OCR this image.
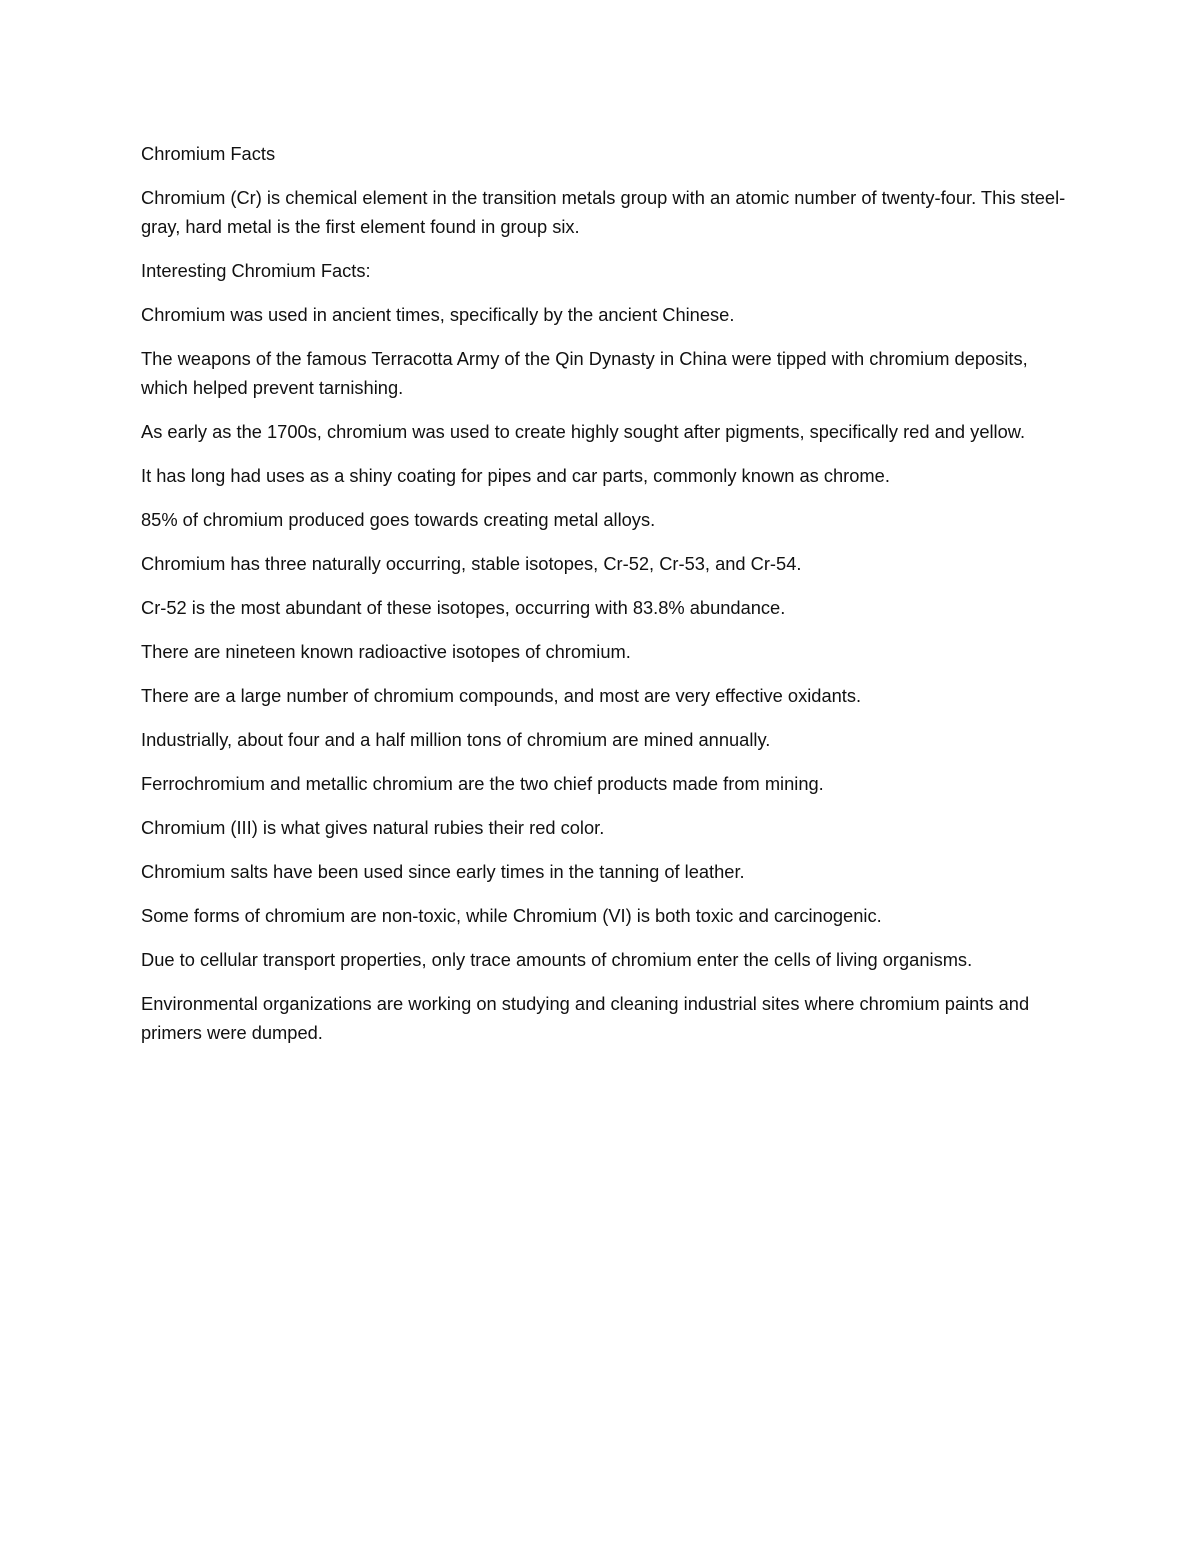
Chromium Facts

Chromium (Cr) is chemical element in the transition metals group with an atomic number of twenty-four. This steel-gray, hard metal is the first element found in group six.

Interesting Chromium Facts:

Chromium was used in ancient times, specifically by the ancient Chinese.

The weapons of the famous Terracotta Army of the Qin Dynasty in China were tipped with chromium deposits, which helped prevent tarnishing.

As early as the 1700s, chromium was used to create highly sought after pigments, specifically red and yellow.

It has long had uses as a shiny coating for pipes and car parts, commonly known as chrome.

85% of chromium produced goes towards creating metal alloys.

Chromium has three naturally occurring, stable isotopes, Cr-52, Cr-53, and Cr-54.

Cr-52 is the most abundant of these isotopes, occurring with 83.8% abundance.

There are nineteen known radioactive isotopes of chromium.

There are a large number of chromium compounds, and most are very effective oxidants.

Industrially, about four and a half million tons of chromium are mined annually.

Ferrochromium and metallic chromium are the two chief products made from mining.

Chromium (III) is what gives natural rubies their red color.

Chromium salts have been used since early times in the tanning of leather.

Some forms of chromium are non-toxic, while Chromium (VI) is both toxic and carcinogenic.

Due to cellular transport properties, only trace amounts of chromium enter the cells of living organisms.

Environmental organizations are working on studying and cleaning industrial sites where chromium paints and primers were dumped.
